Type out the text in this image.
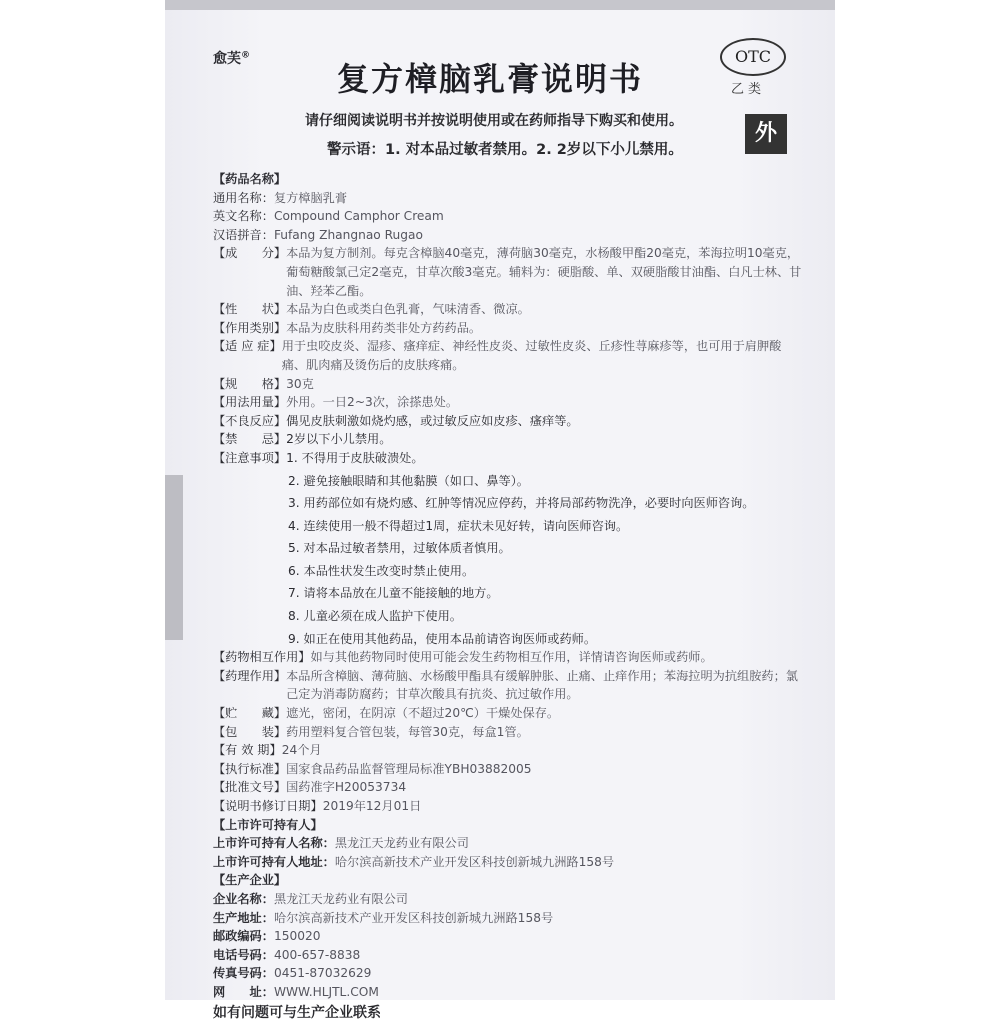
愈芙®
复方樟脑乳膏说明书
OTC
乙类
请仔细阅读说明书并按说明使用或在药师指导下购买和使用。
警示语：1. 对本品过敏者禁用。2. 2岁以下小儿禁用。
外
【药品名称】
通用名称： 复方樟脑乳膏
英文名称： Compound Camphor Cream
汉语拼音： Fufang Zhangnao Rugao
【成　　分】 本品为复方制剂。每克含樟脑40毫克，薄荷脑30毫克，水杨酸甲酯20毫克，苯海拉明10毫克，葡萄糖酸氯己定2毫克，甘草次酸3毫克。辅料为：硬脂酸、单、双硬脂酸甘油酯、白凡士林、甘油、羟苯乙酯。
【性　　状】 本品为白色或类白色乳膏，气味清香、微凉。
【作用类别】 本品为皮肤科用药类非处方药药品。
【适 应 症】 用于虫咬皮炎、湿疹、瘙痒症、神经性皮炎、过敏性皮炎、丘疹性荨麻疹等，也可用于肩胛酸痛、肌肉痛及烫伤后的皮肤疼痛。
【规　　格】 30克
【用法用量】 外用。一日2~3次，涂搽患处。
【不良反应】 偶见皮肤刺激如烧灼感，或过敏反应如皮疹、瘙痒等。
【禁　　忌】 2岁以下小儿禁用。
【注意事项】 1. 不得用于皮肤破溃处。
2. 避免接触眼睛和其他黏膜（如口、鼻等）。
3. 用药部位如有烧灼感、红肿等情况应停药，并将局部药物洗净，必要时向医师咨询。
4. 连续使用一般不得超过1周，症状未见好转，请向医师咨询。
5. 对本品过敏者禁用，过敏体质者慎用。
6. 本品性状发生改变时禁止使用。
7. 请将本品放在儿童不能接触的地方。
8. 儿童必须在成人监护下使用。
9. 如正在使用其他药品，使用本品前请咨询医师或药师。
【药物相互作用】 如与其他药物同时使用可能会发生药物相互作用，详情请咨询医师或药师。
【药理作用】 本品所含樟脑、薄荷脑、水杨酸甲酯具有缓解肿胀、止痛、止痒作用；苯海拉明为抗组胺药；氯己定为消毒防腐药；甘草次酸具有抗炎、抗过敏作用。
【贮　　藏】 遮光，密闭，在阴凉（不超过20℃）干燥处保存。
【包　　装】 药用塑料复合管包装，每管30克，每盒1管。
【有 效 期】 24个月
【执行标准】 国家食品药品监督管理局标准YBH03882005
【批准文号】 国药准字H20053734
【说明书修订日期】 2019年12月01日
【上市许可持有人】
上市许可持有人名称： 黑龙江天龙药业有限公司
上市许可持有人地址： 哈尔滨高新技术产业开发区科技创新城九洲路158号
【生产企业】
企业名称： 黑龙江天龙药业有限公司
生产地址： 哈尔滨高新技术产业开发区科技创新城九洲路158号
邮政编码： 150020
电话号码： 400-657-8838
传真号码： 0451-87032629
网　　址： WWW.HLJTL.COM
如有问题可与生产企业联系
